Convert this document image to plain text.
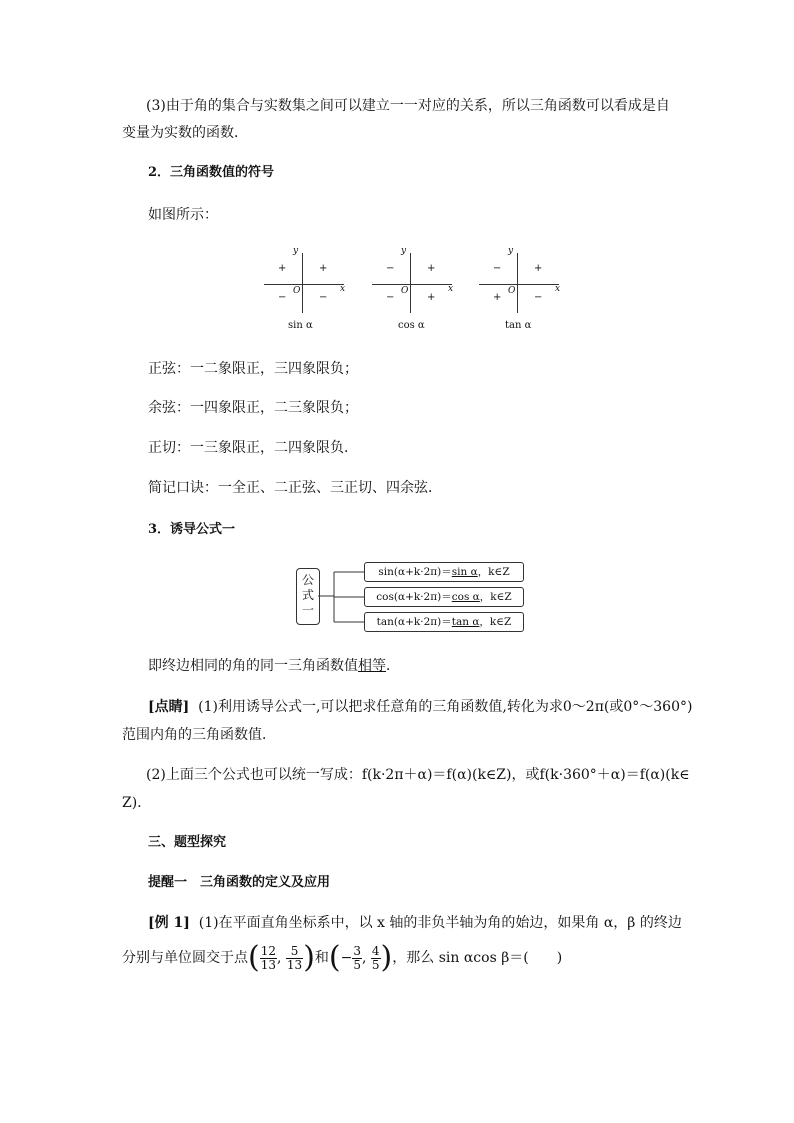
(3)由于角的集合与实数集之间可以建立一一对应的关系，所以三角函数可以看成是自
变量为实数的函数．
2．三角函数值的符号
如图所示：
y
x
O
+	+
−	−
sin α
y
x
O
−	+
−	+
cos α
y
x
O
−	+
+	−
tan α
正弦：一二象限正，三四象限负；
余弦：一四象限正，二三象限负；
正切：一三象限正，二四象限负．
简记口诀：一全正、二正弦、三正切、四余弦．
3．诱导公式一
公
式
一
sin(α+k·2π)＝sin α，k∈Z
cos(α+k·2π)＝cos α，k∈Z
tan(α+k·2π)＝tan α，k∈Z
即终边相同的角的同一三角函数值相等．
[点睛] (1)利用诱导公式一,可以把求任意角的三角函数值,转化为求0～2π(或0°～360°)
范围内角的三角函数值．
(2)上面三个公式也可以统一写成：f(k·2π＋α)＝f(α)(k∈Z)，或f(k·360°＋α)＝f(α)(k∈
Z)．
三、题型探究
提醒一　三角函数的定义及应用
[例 1] (1)在平面直角坐标系中，以 x 轴的非负半轴为角的始边，如果角 α，β 的终边
分别与单位圆交于点( $\frac{12}{13}$ , $\frac{5}{13}$ )和(− $\frac{3}{5}$ , $\frac{4}{5}$ )，那么 sin αcos β＝(　　)
